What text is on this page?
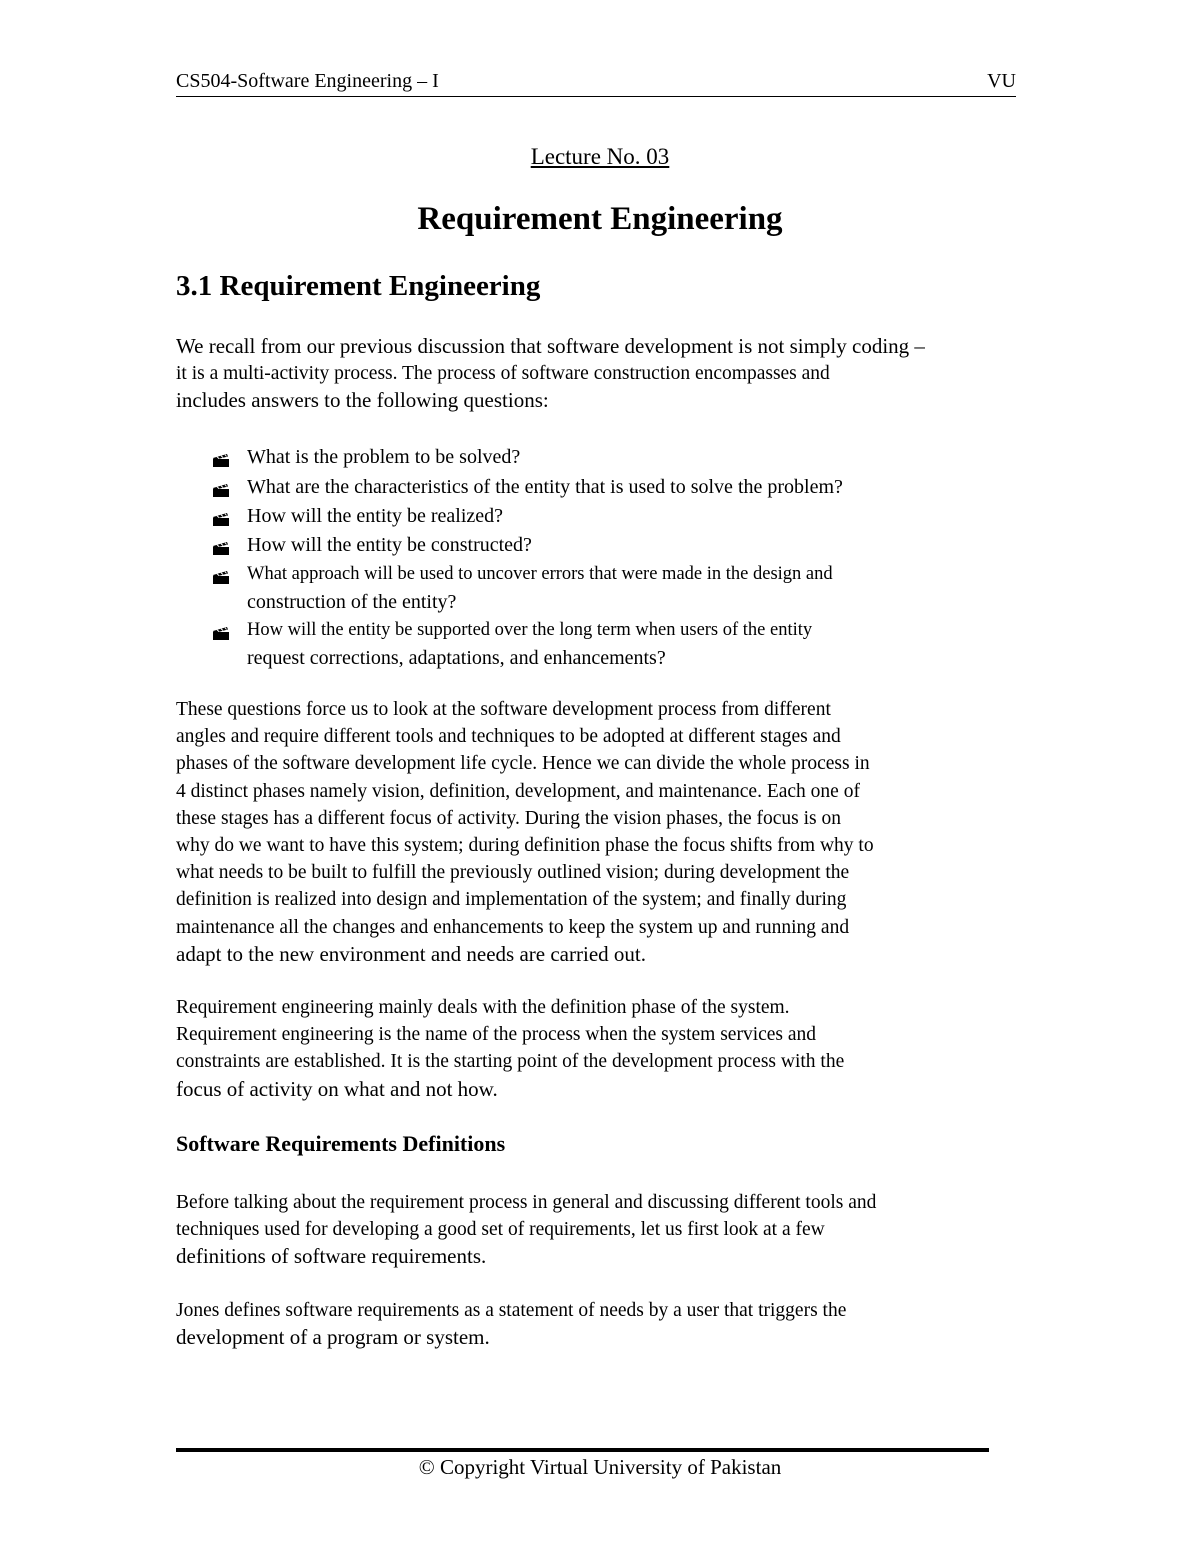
CS504-Software Engineering – I	VU
Lecture No. 03
Requirement Engineering
3.1 Requirement Engineering
We recall from our previous discussion that software development is not simply coding –
it is a multi-activity process. The process of software construction encompasses and
includes answers to the following questions:
What is the problem to be solved?
What are the characteristics of the entity that is used to solve the problem?
How will the entity be realized?
How will the entity be constructed?
What approach will be used to uncover errors that were made in the design and
construction of the entity?
How will the entity be supported over the long term when users of the entity
request corrections, adaptations, and enhancements?
These questions force us to look at the software development process from different
angles and require different tools and techniques to be adopted at different stages and
phases of the software development life cycle. Hence we can divide the whole process in
4 distinct phases namely vision, definition, development, and maintenance. Each one of
these stages has a different focus of activity. During the vision phases, the focus is on
why do we want to have this system; during definition phase the focus shifts from why to
what needs to be built to fulfill the previously outlined vision; during development the
definition is realized into design and implementation of the system; and finally during
maintenance all the changes and enhancements to keep the system up and running and
adapt to the new environment and needs are carried out.
Requirement engineering mainly deals with the definition phase of the system.
Requirement engineering is the name of the process when the system services and
constraints are established. It is the starting point of the development process with the
focus of activity on what and not how.
Software Requirements Definitions
Before talking about the requirement process in general and discussing different tools and
techniques used for developing a good set of requirements, let us first look at a few
definitions of software requirements.
Jones defines software requirements as a statement of needs by a user that triggers the
development of a program or system.
© Copyright Virtual University of Pakistan
